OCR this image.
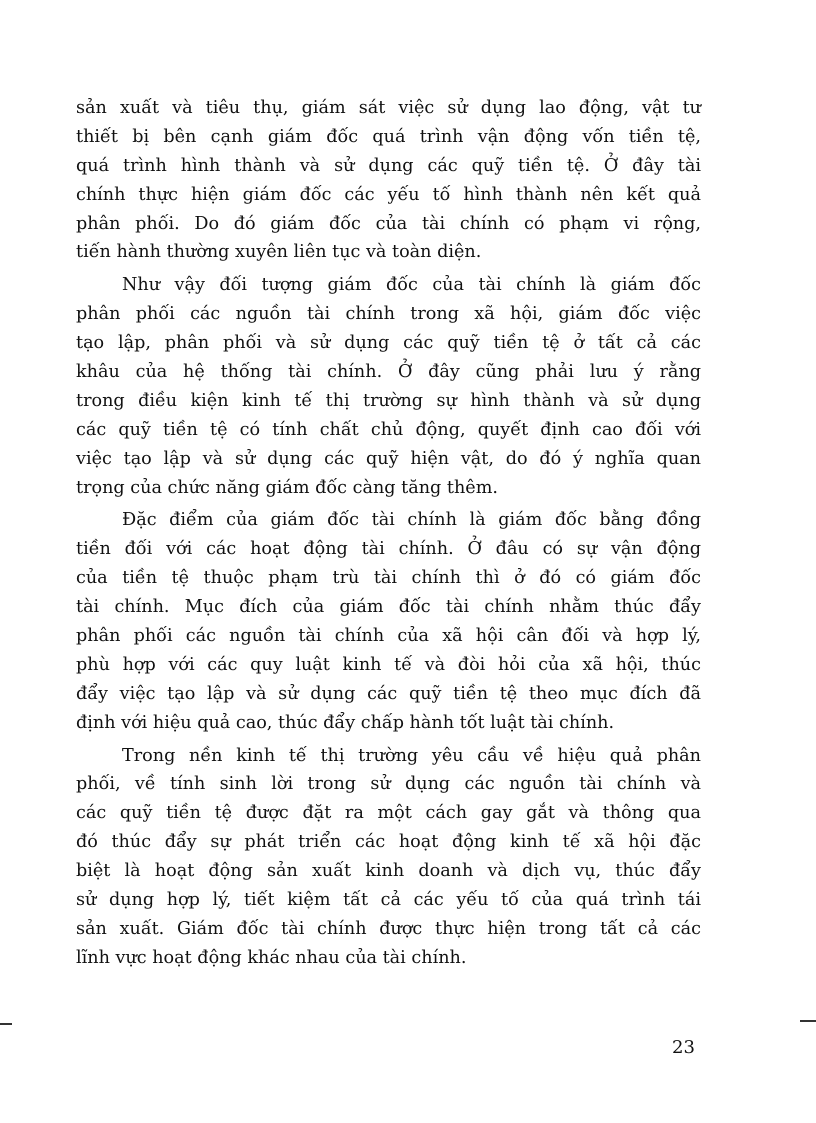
sản xuất và tiêu thụ, giám sát việc sử dụng lao động, vật tư
thiết bị bên cạnh giám đốc quá trình vận động vốn tiền tệ,
quá trình hình thành và sử dụng các quỹ tiền tệ. Ở đây tài
chính thực hiện giám đốc các yếu tố hình thành nên kết quả
phân phối. Do đó giám đốc của tài chính có phạm vi rộng,
tiến hành thường xuyên liên tục và toàn diện.
Như vậy đối tượng giám đốc của tài chính là giám đốc
phân phối các nguồn tài chính trong xã hội, giám đốc việc
tạo lập, phân phối và sử dụng các quỹ tiền tệ ở tất cả các
khâu của hệ thống tài chính. Ở đây cũng phải lưu ý rằng
trong điều kiện kinh tế thị trường sự hình thành và sử dụng
các quỹ tiền tệ có tính chất chủ động, quyết định cao đối với
việc tạo lập và sử dụng các quỹ hiện vật, do đó ý nghĩa quan
trọng của chức năng giám đốc càng tăng thêm.
Đặc điểm của giám đốc tài chính là giám đốc bằng đồng
tiền đối với các hoạt động tài chính. Ở đâu có sự vận động
của tiền tệ thuộc phạm trù tài chính thì ở đó có giám đốc
tài chính. Mục đích của giám đốc tài chính nhằm thúc đẩy
phân phối các nguồn tài chính của xã hội cân đối và hợp lý,
phù hợp với các quy luật kinh tế và đòi hỏi của xã hội, thúc
đẩy việc tạo lập và sử dụng các quỹ tiền tệ theo mục đích đã
định với hiệu quả cao, thúc đẩy chấp hành tốt luật tài chính.
Trong nền kinh tế thị trường yêu cầu về hiệu quả phân
phối, về tính sinh lời trong sử dụng các nguồn tài chính và
các quỹ tiền tệ được đặt ra một cách gay gắt và thông qua
đó thúc đẩy sự phát triển các hoạt động kinh tế xã hội đặc
biệt là hoạt động sản xuất kinh doanh và dịch vụ, thúc đẩy
sử dụng hợp lý, tiết kiệm tất cả các yếu tố của quá trình tái
sản xuất. Giám đốc tài chính được thực hiện trong tất cả các
lĩnh vực hoạt động khác nhau của tài chính.
23
